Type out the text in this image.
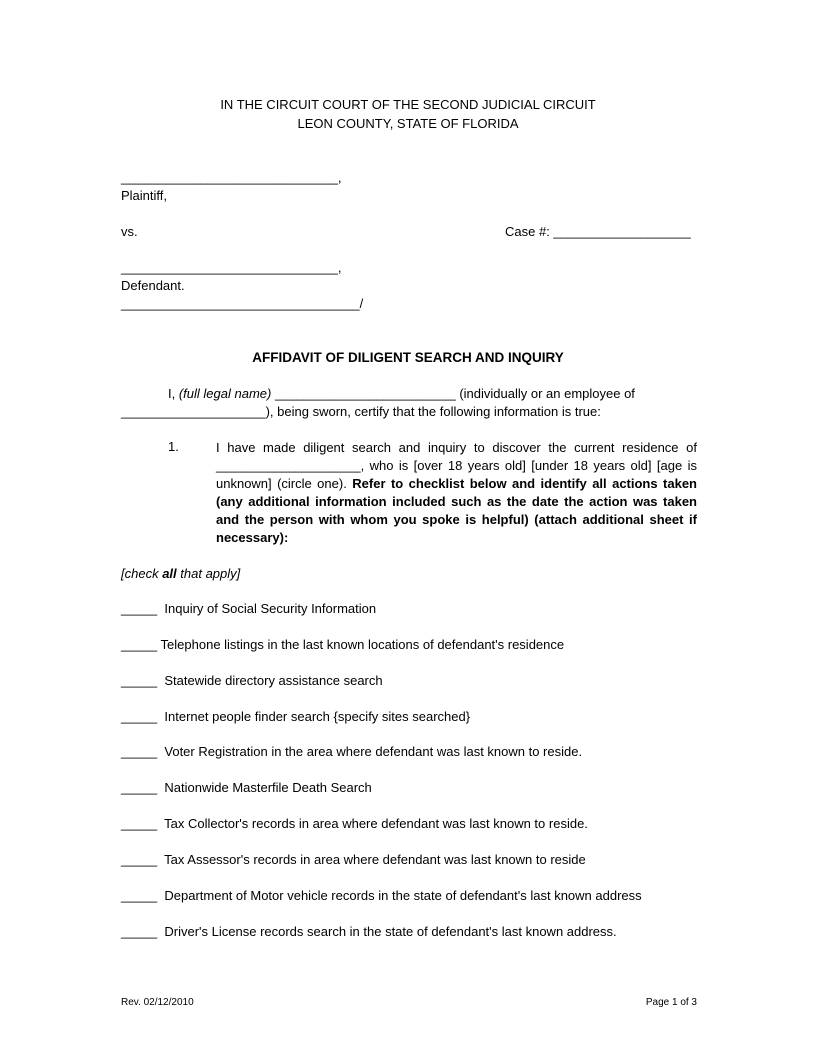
IN THE CIRCUIT COURT OF THE SECOND JUDICIAL CIRCUIT
LEON COUNTY, STATE OF FLORIDA
______________________________,
Plaintiff,
vs.	Case #: ___________________
______________________________,
Defendant.
_________________________________/
AFFIDAVIT OF DILIGENT SEARCH AND INQUIRY
I, (full legal name) _________________________ (individually or an employee of
____________________), being sworn, certify that the following information is true:
1.	I have made diligent search and inquiry to discover the current residence of ____________________, who is [over 18 years old] [under 18 years old] [age is unknown] (circle one). Refer to checklist below and identify all actions taken (any additional information included such as the date the action was taken and the person with whom you spoke is helpful) (attach additional sheet if necessary):
[check all that apply]
_____ Inquiry of Social Security Information
_____ Telephone listings in the last known locations of defendant's residence
_____ Statewide directory assistance search
_____ Internet people finder search {specify sites searched}
_____ Voter Registration in the area where defendant was last known to reside.
_____ Nationwide Masterfile Death Search
_____ Tax Collector's records in area where defendant was last known to reside.
_____ Tax Assessor's records in area where defendant was last known to reside
_____ Department of Motor vehicle records in the state of defendant's last known address
_____ Driver's License records search in the state of defendant's last known address.
Rev. 02/12/2010	Page 1 of 3
